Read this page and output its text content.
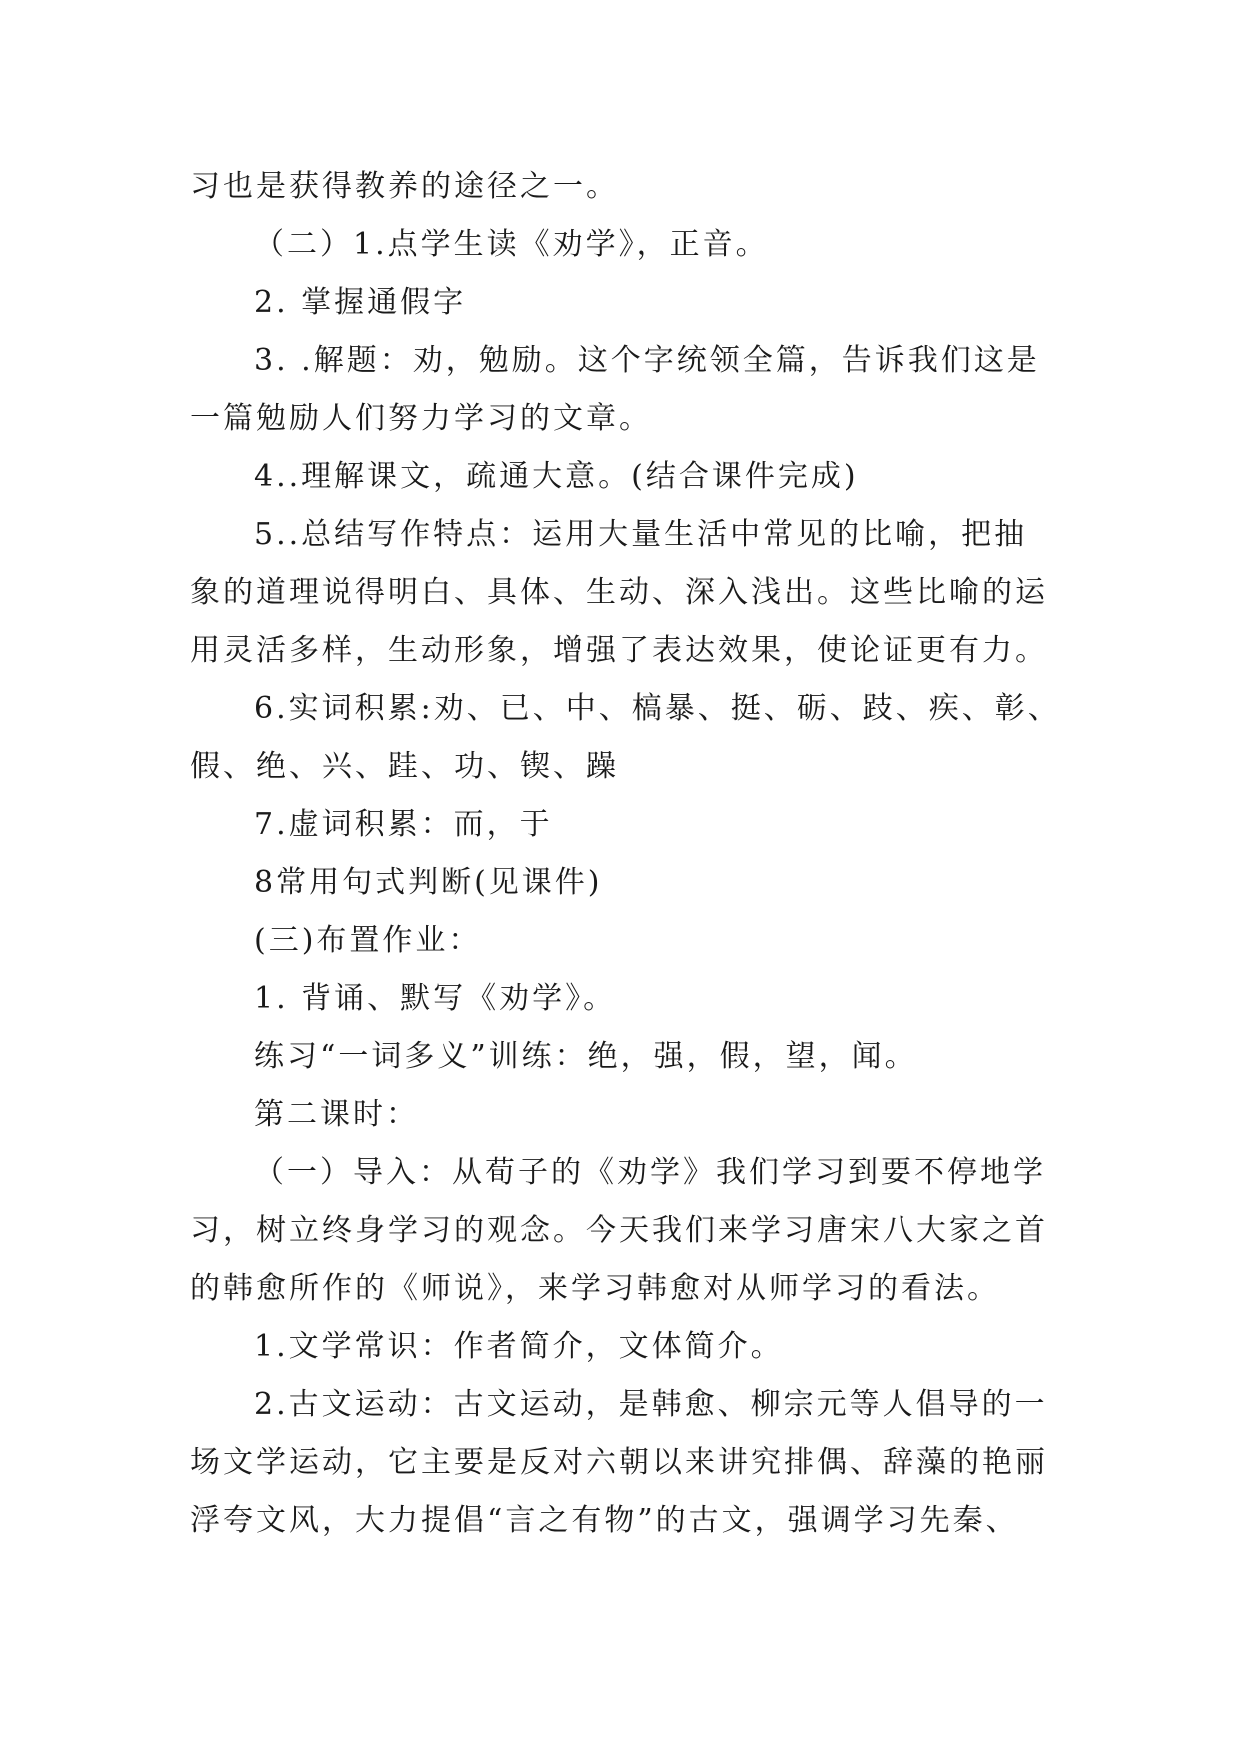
习也是获得教养的途径之一。
（二）1.点学生读《劝学》，正音。
2. 掌握通假字
3. .解题：劝，勉励。这个字统领全篇，告诉我们这是
一篇勉励人们努力学习的文章。
4..理解课文，疏通大意。(结合课件完成)
5..总结写作特点：运用大量生活中常见的比喻，把抽
象的道理说得明白、具体、生动、深入浅出。这些比喻的运
用灵活多样，生动形象，增强了表达效果，使论证更有力。
6.实词积累:劝、已、中、槁暴、挺、砺、跂、疾、彰、
假、绝、兴、跬、功、锲、躁
7.虚词积累：而，于
8常用句式判断(见课件)
(三)布置作业：
1. 背诵、默写《劝学》。
练习“一词多义”训练：绝，强，假，望，闻。
第二课时：
（一）导入：从荀子的《劝学》我们学习到要不停地学
习，树立终身学习的观念。今天我们来学习唐宋八大家之首
的韩愈所作的《师说》，来学习韩愈对从师学习的看法。
1.文学常识：作者简介，文体简介。
2.古文运动：古文运动，是韩愈、柳宗元等人倡导的一
场文学运动，它主要是反对六朝以来讲究排偶、辞藻的艳丽
浮夸文风，大力提倡“言之有物”的古文，强调学习先秦、
